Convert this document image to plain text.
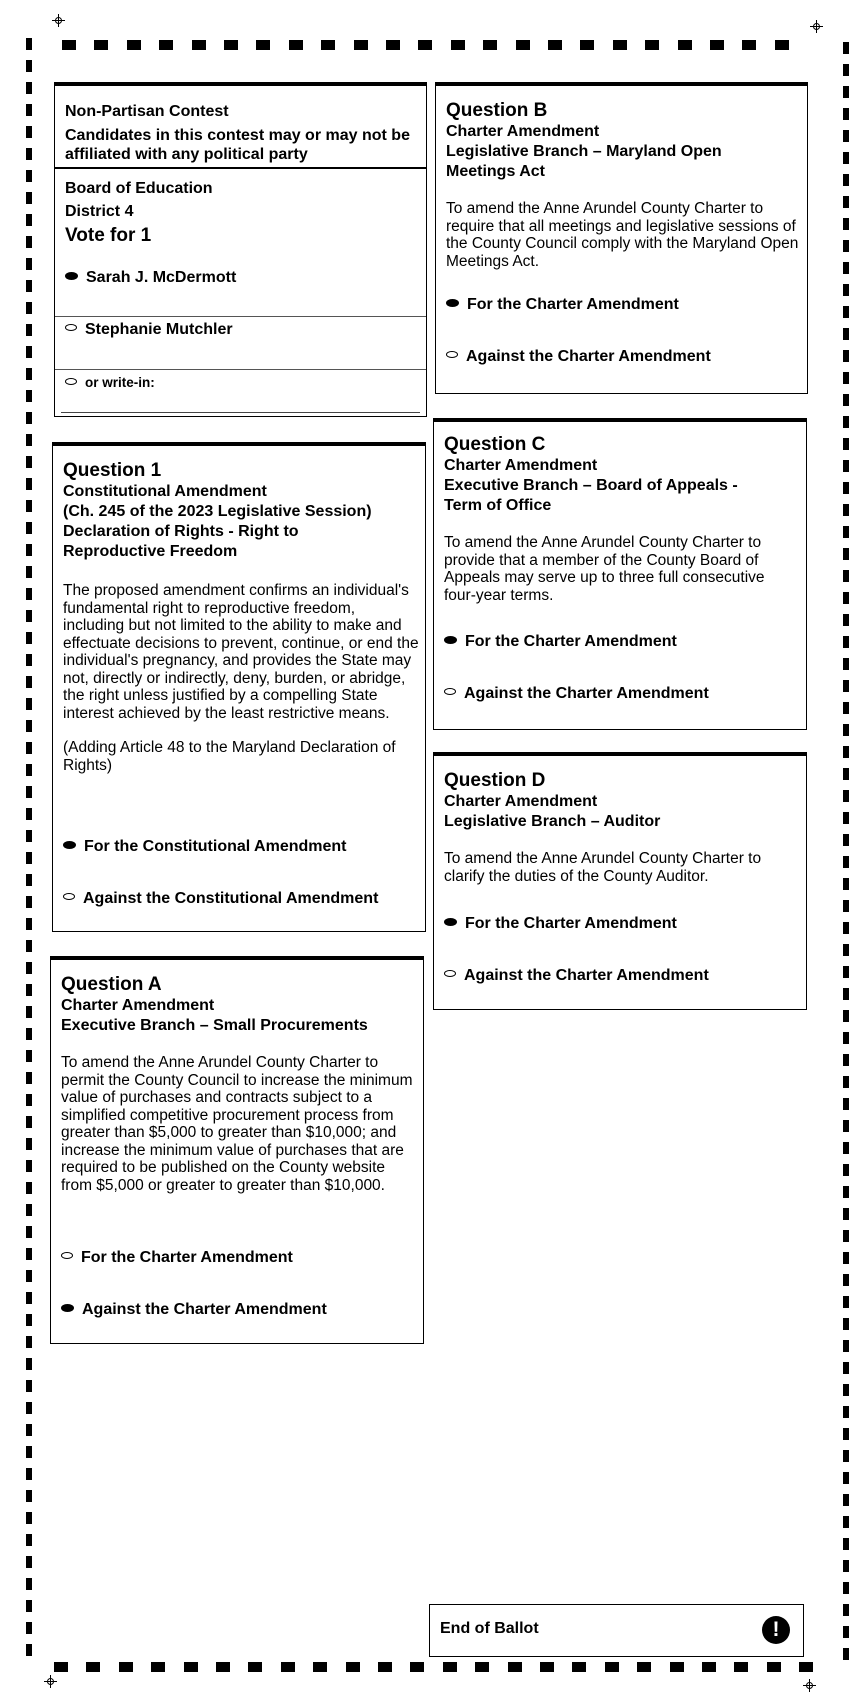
Non-Partisan Contest
Candidates in this contest may or may not be affiliated with any political party
Board of Education
District 4
Vote for 1
Sarah J. McDermott
Stephanie Mutchler
or write-in:
Question 1
Constitutional Amendment
(Ch. 245 of the 2023 Legislative Session)
Declaration of Rights - Right to
Reproductive Freedom

The proposed amendment confirms an individual's fundamental right to reproductive freedom, including but not limited to the ability to make and effectuate decisions to prevent, continue, or end the individual's pregnancy, and provides the State may not, directly or indirectly, deny, burden, or abridge, the right unless justified by a compelling State interest achieved by the least restrictive means.

(Adding Article 48 to the Maryland Declaration of Rights)

For the Constitutional Amendment
Against the Constitutional Amendment
Question A
Charter Amendment
Executive Branch – Small Procurements

To amend the Anne Arundel County Charter to permit the County Council to increase the minimum value of purchases and contracts subject to a simplified competitive procurement process from greater than $5,000 to greater than $10,000; and increase the minimum value of purchases that are required to be published on the County website from $5,000 or greater to greater than $10,000.

For the Charter Amendment
Against the Charter Amendment
Question B
Charter Amendment
Legislative Branch – Maryland Open
Meetings Act

To amend the Anne Arundel County Charter to require that all meetings and legislative sessions of the County Council comply with the Maryland Open Meetings Act.

For the Charter Amendment
Against the Charter Amendment
Question C
Charter Amendment
Executive Branch – Board of Appeals -
Term of Office

To amend the Anne Arundel County Charter to provide that a member of the County Board of Appeals may serve up to three full consecutive four-year terms.

For the Charter Amendment
Against the Charter Amendment
Question D
Charter Amendment
Legislative Branch – Auditor

To amend the Anne Arundel County Charter to clarify the duties of the County Auditor.

For the Charter Amendment
Against the Charter Amendment
End of Ballot	!
